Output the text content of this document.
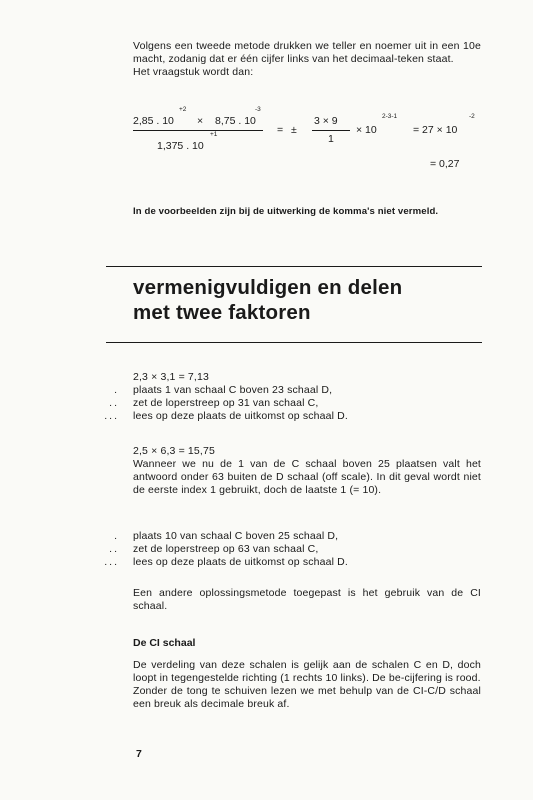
Volgens een tweede metode drukken we teller en noemer uit in een 10e macht, zodanig dat er één cijfer links van het decimaal-teken staat.

Het vraagstuk wordt dan:

+2	-3
2,85 . 10 × 8,75 . 10
+1
1,375 . 10
= ±
3 × 9
1
× 10
2-3-1
= 27 × 10
-2
= 0,27
In de voorbeelden zijn bij de uitwerking de komma's niet vermeld.
vermenigvuldigen en delen
met twee faktoren

2,3 × 3,1 = 7,13

. plaats 1 van schaal C boven 23 schaal D,
.. zet de loperstreep op 31 van schaal C,
... lees op deze plaats de uitkomst op schaal D.

2,5 × 6,3 = 15,75

Wanneer we nu de 1 van de C schaal boven 25 plaatsen valt het antwoord onder 63 buiten de D schaal (off scale). In dit geval wordt niet de eerste index 1 gebruikt, doch de laatste 1 (= 10).

. plaats 10 van schaal C boven 25 schaal D,
.. zet de loperstreep op 63 van schaal C,
... lees op deze plaats de uitkomst op schaal D.
Een andere oplossingsmetode toegepast is het gebruik van de CI schaal.
De CI schaal

De verdeling van deze schalen is gelijk aan de schalen C en D, doch loopt in tegengestelde richting (1 rechts 10 links). De be-cijfering is rood.

Zonder de tong te schuiven lezen we met behulp van de CI-C/D schaal een breuk als decimale breuk af.

7
